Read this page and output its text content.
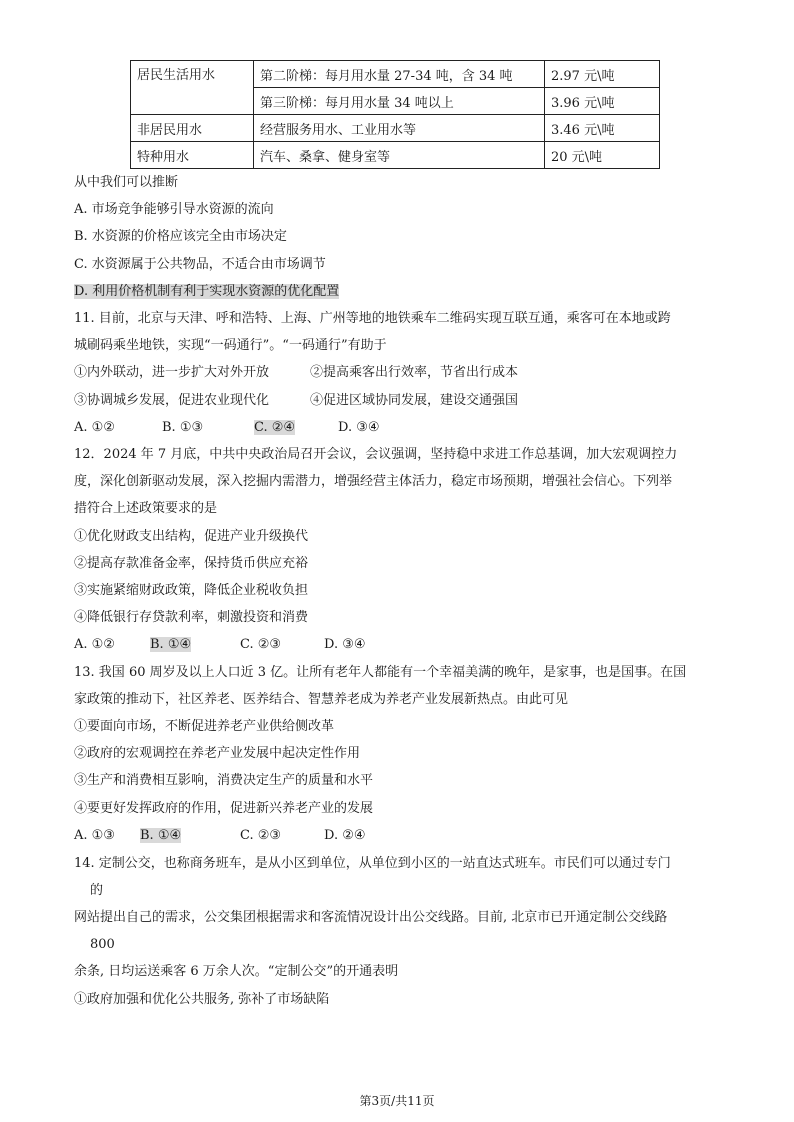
居民生活用水	第二阶梯：每月用水量 27-34 吨，含 34 吨	2.97 元\吨
	第三阶梯：每月用水量 34 吨以上	3.96 元\吨
非居民用水	经营服务用水、工业用水等	3.46 元\吨
特种用水	汽车、桑拿、健身室等	20 元\吨
从中我们可以推断
A. 市场竞争能够引导水资源的流向
B. 水资源的价格应该完全由市场决定
C. 水资源属于公共物品，不适合由市场调节
D. 利用价格机制有利于实现水资源的优化配置
11. 目前，北京与天津、呼和浩特、上海、广州等地的地铁乘车二维码实现互联互通，乘客可在本地或跨
城刷码乘坐地铁，实现“一码通行”。“一码通行”有助于
①内外联动，进一步扩大对外开放	②提高乘客出行效率，节省出行成本
③协调城乡发展，促进农业现代化	④促进区域协同发展，建设交通强国
A. ①②	B. ①③	C. ②④	D. ③④
12．2024 年 7 月底，中共中央政治局召开会议，会议强调，坚持稳中求进工作总基调，加大宏观调控力
度，深化创新驱动发展，深入挖掘内需潜力，增强经营主体活力，稳定市场预期，增强社会信心。下列举
措符合上述政策要求的是
①优化财政支出结构，促进产业升级换代
②提高存款准备金率，保持货币供应充裕
③实施紧缩财政政策，降低企业税收负担
④降低银行存贷款利率，刺激投资和消费
A. ①②	B. ①④	C. ②③	D. ③④
13. 我国 60 周岁及以上人口近 3 亿。让所有老年人都能有一个幸福美满的晚年，是家事，也是国事。在国
家政策的推动下，社区养老、医养结合、智慧养老成为养老产业发展新热点。由此可见
①要面向市场，不断促进养老产业供给侧改革
②政府的宏观调控在养老产业发展中起决定性作用
③生产和消费相互影响，消费决定生产的质量和水平
④要更好发挥政府的作用，促进新兴养老产业的发展
A. ①③ B. ①④	C. ②③	D. ②④
14. 定制公交，也称商务班车，是从小区到单位，从单位到小区的一站直达式班车。市民们可以通过专门
的
网站提出自己的需求，公交集团根据需求和客流情况设计出公交线路。目前, 北京市已开通定制公交线路
800
余条, 日均运送乘客 6 万余人次。“定制公交”的开通表明
①政府加强和优化公共服务, 弥补了市场缺陷
第3页/共11页
